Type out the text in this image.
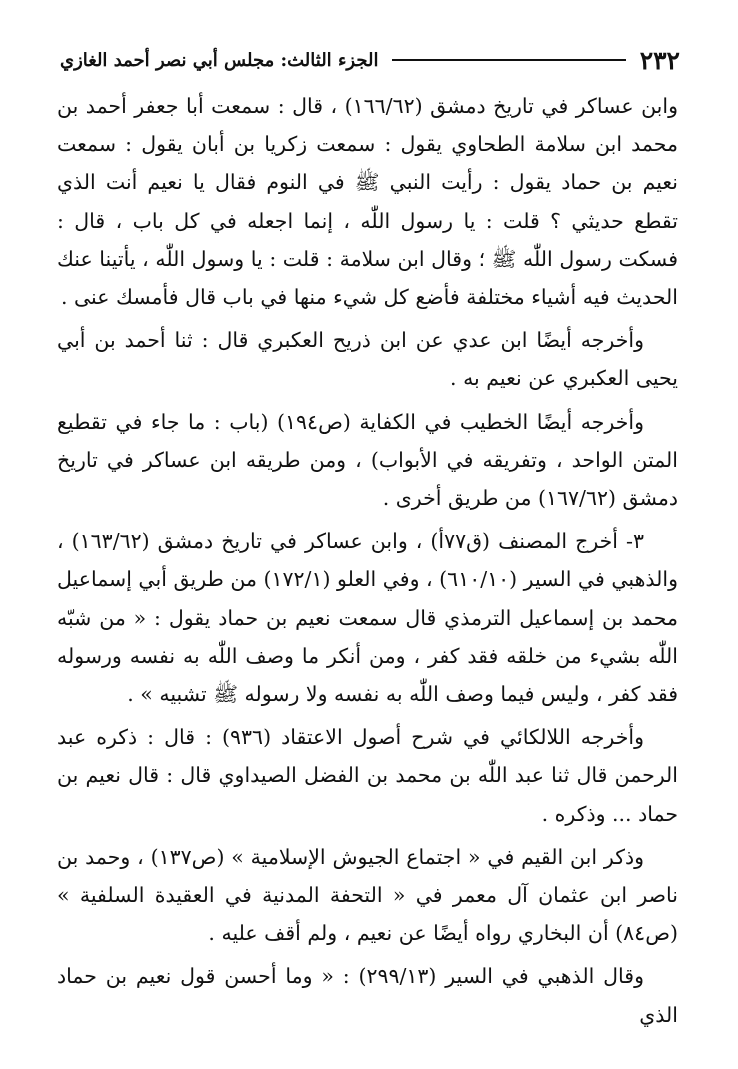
٢٣٢
الجزء الثالث: مجلس أبي نصر أحمد الغازي

وابن عساكر في تاريخ دمشق (١٦٦/٦٢) ، قال : سمعت أبا جعفر أحمد بن محمد ابن سلامة الطحاوي يقول : سمعت زكريا بن أبان يقول : سمعت نعيم بن حماد يقول : رأيت النبي ﷺ في النوم فقال يا نعيم أنت الذي تقطع حديثي ؟ قلت : يا رسول اللّٰه ، إنما اجعله في كل باب ، قال : فسكت رسول اللّٰه ﷺ ؛ وقال ابن سلامة : قلت : يا وسول اللّٰه ، يأتينا عنك الحديث فيه أشياء مختلفة فأضع كل شيء منها في باب قال فأمسك عنى .

وأخرجه أيضًا ابن عدي عن ابن ذريح العكبري قال : ثنا أحمد بن أبي يحيى العكبري عن نعيم به .

وأخرجه أيضًا الخطيب في الكفاية (ص١٩٤) (باب : ما جاء في تقطيع المتن الواحد ، وتفريقه في الأبواب) ، ومن طريقه ابن عساكر في تاريخ دمشق (١٦٧/٦٢) من طريق أخرى .

٣- أخرج المصنف (ق٧٧أ) ، وابن عساكر في تاريخ دمشق (١٦٣/٦٢) ، والذهبي في السير (٦١٠/١٠) ، وفي العلو (١٧٢/١) من طريق أبي إسماعيل محمد بن إسماعيل الترمذي قال سمعت نعيم بن حماد يقول : « من شبّه اللّٰه بشيء من خلقه فقد كفر ، ومن أنكر ما وصف اللّٰه به نفسه ورسوله فقد كفر ، وليس فيما وصف اللّٰه به نفسه ولا رسوله ﷺ تشبيه » .

وأخرجه اللالكائي في شرح أصول الاعتقاد (٩٣٦) : قال : ذكره عبد الرحمن قال ثنا عبد اللّٰه بن محمد بن الفضل الصيداوي قال : قال نعيم بن حماد ... وذكره .

وذكر ابن القيم في « اجتماع الجيوش الإسلامية » (ص١٣٧) ، وحمد بن ناصر ابن عثمان آل معمر في « التحفة المدنية في العقيدة السلفية » (ص٨٤) أن البخاري رواه أيضًا عن نعيم ، ولم أقف عليه .

وقال الذهبي في السير (٢٩٩/١٣) : « وما أحسن قول نعيم بن حماد الذي
